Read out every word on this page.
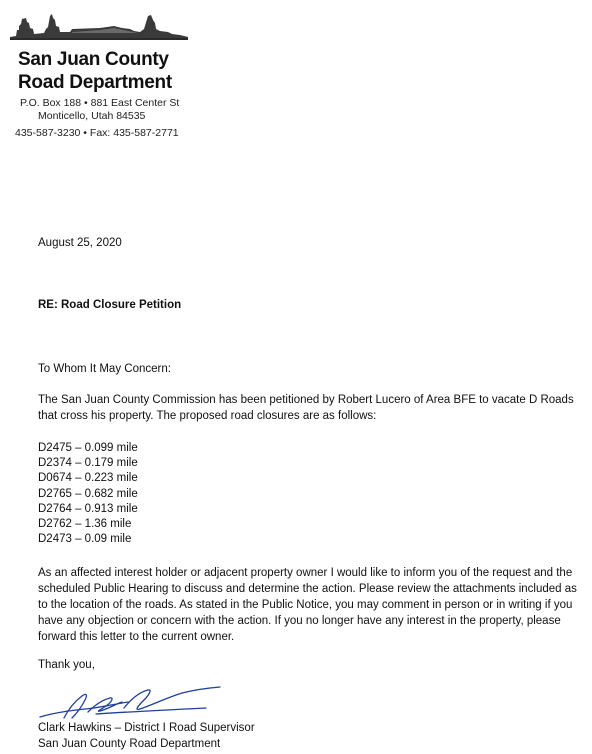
San Juan County
Road Department
P.O. Box 188 • 881 East Center St
Monticello, Utah 84535
435-587-3230 • Fax: 435-587-2771
August 25, 2020
RE: Road Closure Petition
To Whom It May Concern:
The San Juan County Commission has been petitioned by Robert Lucero of Area BFE to vacate D Roads that cross his property. The proposed road closures are as follows:
D2475 – 0.099 mile
D2374 – 0.179 mile
D0674 – 0.223 mile
D2765 – 0.682 mile
D2764 – 0.913 mile
D2762 – 1.36 mile
D2473 – 0.09 mile
As an affected interest holder or adjacent property owner I would like to inform you of the request and the scheduled Public Hearing to discuss and determine the action. Please review the attachments included as to the location of the roads. As stated in the Public Notice, you may comment in person or in writing if you have any objection or concern with the action. If you no longer have any interest in the property, please forward this letter to the current owner.
Thank you,
Clark Hawkins – District I Road Supervisor
San Juan County Road Department
